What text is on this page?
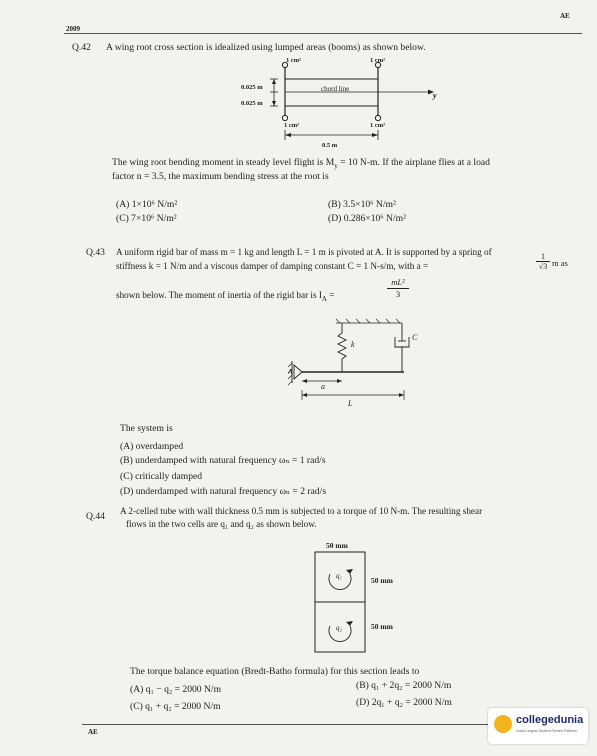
2009
AE
Q.42 A wing root cross section is idealized using lumped areas (booms) as shown below.
1 cm²	1 cm²
0.025 m
0.025 m
chord line
y
1 cm²	1 cm²
0.5 m
The wing root bending moment in steady level flight is $M_y = 10$ N-m. If the airplane flies at a load
factor n = 3.5, the maximum bending stress at the root is
(A) 1×10⁶ N/m²	(B) 3.5×10⁶ N/m²
(C) 7×10⁶ N/m²	(D) 0.286×10⁶ N/m²
Q.43 A uniform rigid bar of mass m = 1 kg and length L = 1 m is pivoted at A. It is supported by a spring of
stiffness k = 1 N/m and a viscous damper of damping constant C = 1 N-s/m, with a =
1
√3 m as
shown below. The moment of inertia of the rigid bar is $I_A$ =
mL²
3
k
C
A
a
L
The system is
(A) overdamped
(B) underdamped with natural frequency ωₙ = 1 rad/s
(C) critically damped
(D) underdamped with natural frequency ωₙ = 2 rad/s
Q.44 A 2-celled tube with wall thickness 0.5 mm is subjected to a torque of 10 N-m. The resulting shear
flows in the two cells are q₁ and q₂ as shown below.
50 mm
q₁
q₂
50 mm
50 mm
The torque balance equation (Bredt-Batho formula) for this section leads to
(A) q₁ − q₂ = 2000 N/m	(B) q₁ + 2q₂ = 2000 N/m
(C) q₁ + q₂ = 2000 N/m	(D) 2q₁ + q₂ = 2000 N/m
AE
collegedunia
India's largest Student Review Platform
